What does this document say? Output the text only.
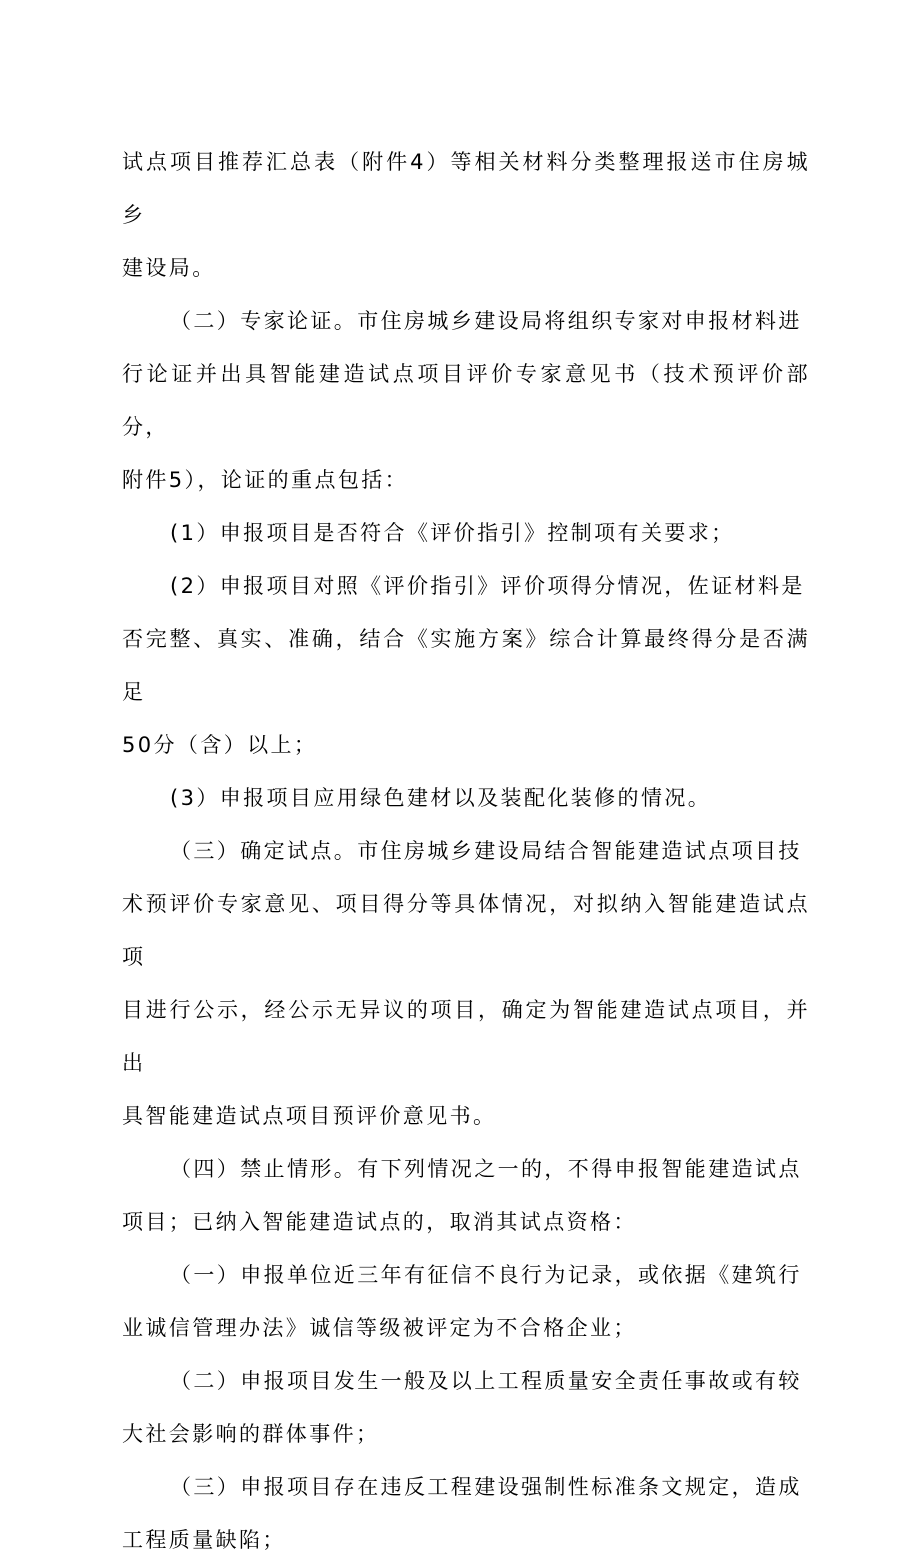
试点项目推荐汇总表（附件4）等相关材料分类整理报送市住房城乡
建设局。

（二）专家论证。市住房城乡建设局将组织专家对申报材料进
行论证并出具智能建造试点项目评价专家意见书（技术预评价部分，
附件5），论证的重点包括：

(1）申报项目是否符合《评价指引》控制项有关要求；

(2）申报项目对照《评价指引》评价项得分情况，佐证材料是
否完整、真实、准确，结合《实施方案》综合计算最终得分是否满足
50分（含）以上；

(3）申报项目应用绿色建材以及装配化装修的情况。

（三）确定试点。市住房城乡建设局结合智能建造试点项目技
术预评价专家意见、项目得分等具体情况，对拟纳入智能建造试点项
目进行公示，经公示无异议的项目，确定为智能建造试点项目，并出
具智能建造试点项目预评价意见书。

（四）禁止情形。有下列情况之一的，不得申报智能建造试点
项目；已纳入智能建造试点的，取消其试点资格：

（一）申报单位近三年有征信不良行为记录，或依据《建筑行
业诚信管理办法》诚信等级被评定为不合格企业；

（二）申报项目发生一般及以上工程质量安全责任事故或有较
大社会影响的群体事件；

（三）申报项目存在违反工程建设强制性标准条文规定，造成
工程质量缺陷；
